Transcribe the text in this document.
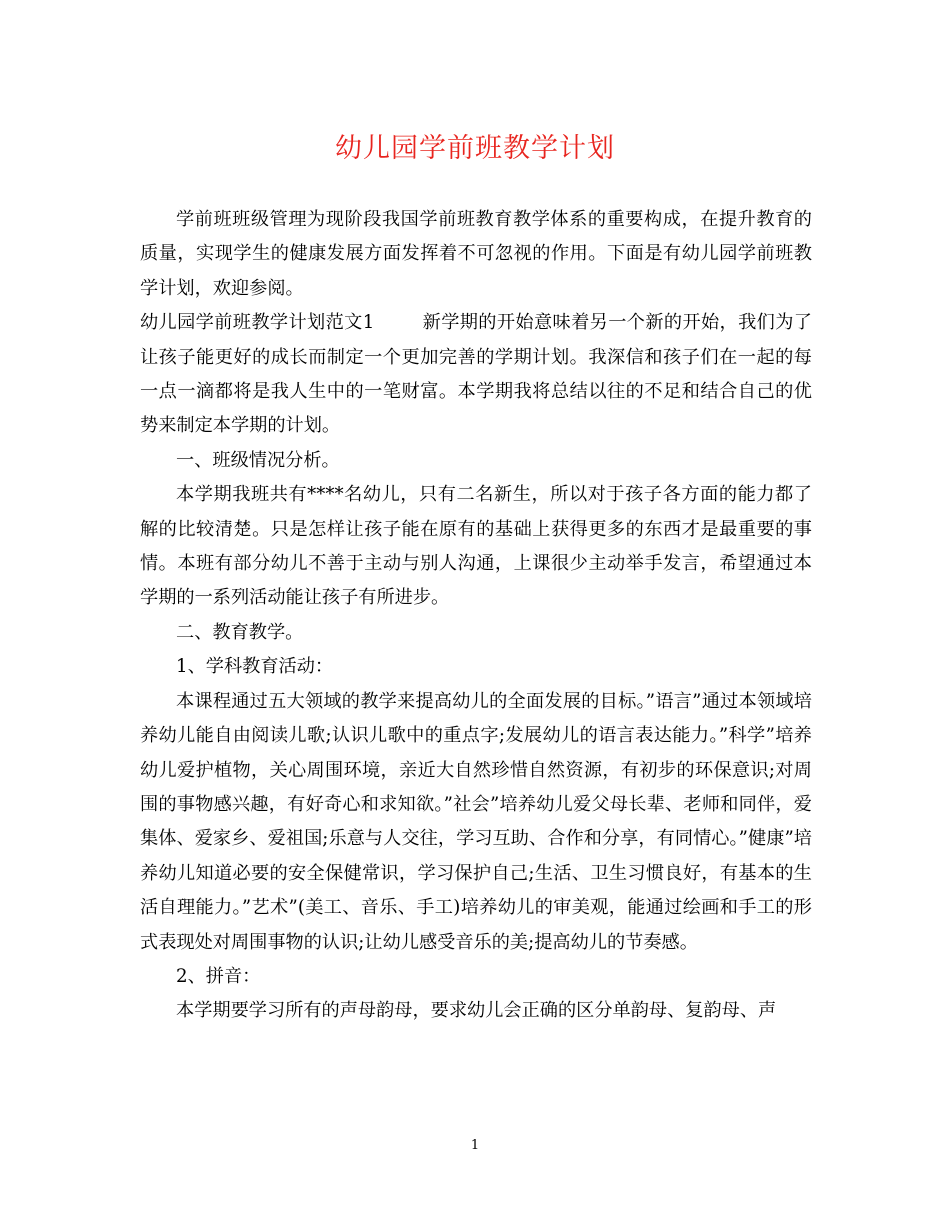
幼儿园学前班教学计划

学前班班级管理为现阶段我国学前班教育教学体系的重要构成，在提升教育的质量，实现学生的健康发展方面发挥着不可忽视的作用。下面是有幼儿园学前班教学计划，欢迎参阅。

幼儿园学前班教学计划范文1	新学期的开始意味着另一个新的开始，我们为了让孩子能更好的成长而制定一个更加完善的学期计划。我深信和孩子们在一起的每一点一滴都将是我人生中的一笔财富。本学期我将总结以往的不足和结合自己的优势来制定本学期的计划。

一、班级情况分析。

本学期我班共有****名幼儿，只有二名新生，所以对于孩子各方面的能力都了解的比较清楚。只是怎样让孩子能在原有的基础上获得更多的东西才是最重要的事情。本班有部分幼儿不善于主动与别人沟通，上课很少主动举手发言，希望通过本学期的一系列活动能让孩子有所进步。

二、教育教学。

1、学科教育活动：

本课程通过五大领域的教学来提高幼儿的全面发展的目标。”语言”通过本领域培养幼儿能自由阅读儿歌;认识儿歌中的重点字;发展幼儿的语言表达能力。”科学”培养幼儿爱护植物，关心周围环境，亲近大自然珍惜自然资源，有初步的环保意识;对周围的事物感兴趣，有好奇心和求知欲。”社会”培养幼儿爱父母长辈、老师和同伴，爱集体、爱家乡、爱祖国;乐意与人交往，学习互助、合作和分享，有同情心。”健康”培养幼儿知道必要的安全保健常识，学习保护自己;生活、卫生习惯良好，有基本的生活自理能力。”艺术”(美工、音乐、手工)培养幼儿的审美观，能通过绘画和手工的形式表现处对周围事物的认识;让幼儿感受音乐的美;提高幼儿的节奏感。

2、拼音：

本学期要学习所有的声母韵母，要求幼儿会正确的区分单韵母、复韵母、声

1
